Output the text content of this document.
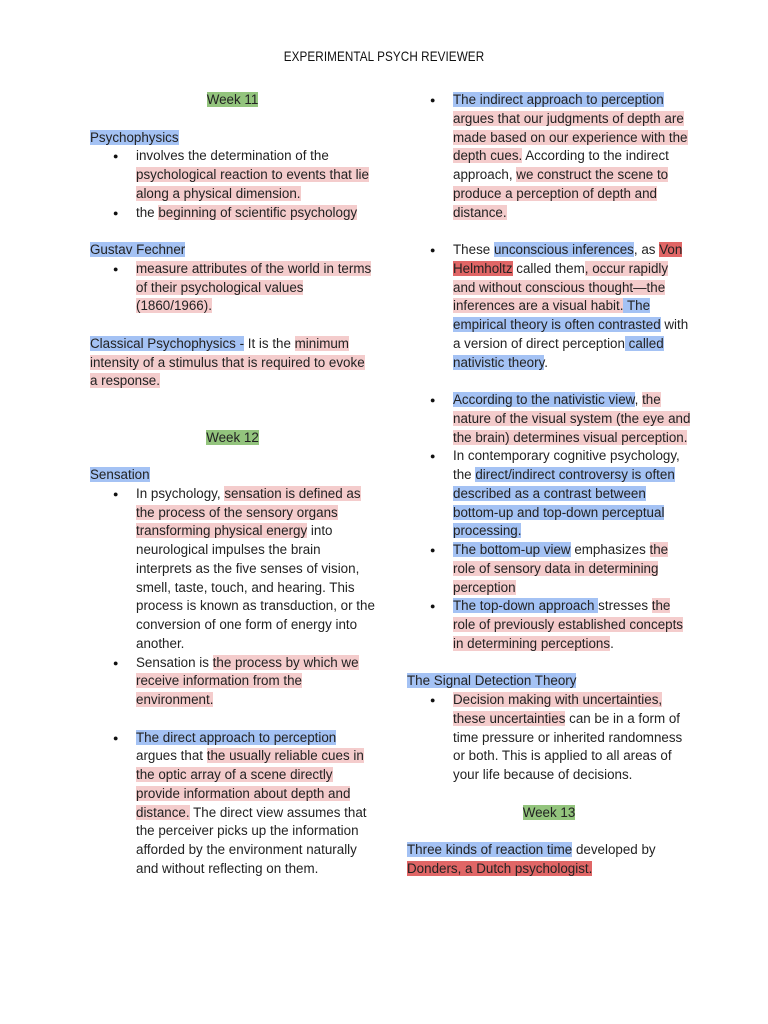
EXPERIMENTAL PSYCH REVIEWER

Week 11

Psychophysics

● involves the determination of the psychological reaction to events that lie along a physical dimension.

● the beginning of scientific psychology

Gustav Fechner

● measure attributes of the world in terms of their psychological values (1860/1966).

Classical Psychophysics - It is the minimum intensity of a stimulus that is required to evoke a response.

Week 12

Sensation

● In psychology, sensation is defined as the process of the sensory organs transforming physical energy into neurological impulses the brain interprets as the five senses of vision, smell, taste, touch, and hearing. This process is known as transduction, or the conversion of one form of energy into another.

● Sensation is the process by which we receive information from the environment.

● The direct approach to perception argues that the usually reliable cues in the optic array of a scene directly provide information about depth and distance. The direct view assumes that the perceiver picks up the information afforded by the environment naturally and without reflecting on them.

● The indirect approach to perception argues that our judgments of depth are made based on our experience with the depth cues. According to the indirect approach, we construct the scene to produce a perception of depth and distance.

● These unconscious inferences, as Von Helmholtz called them, occur rapidly and without conscious thought—the inferences are a visual habit. The empirical theory is often contrasted with a version of direct perception called nativistic theory.

● According to the nativistic view, the nature of the visual system (the eye and the brain) determines visual perception.

● In contemporary cognitive psychology, the direct/indirect controversy is often described as a contrast between bottom-up and top-down perceptual processing.

● The bottom-up view emphasizes the role of sensory data in determining perception

● The top-down approach stresses the role of previously established concepts in determining perceptions.

The Signal Detection Theory

● Decision making with uncertainties, these uncertainties can be in a form of time pressure or inherited randomness or both. This is applied to all areas of your life because of decisions.

Week 13

Three kinds of reaction time developed by Donders, a Dutch psychologist.
